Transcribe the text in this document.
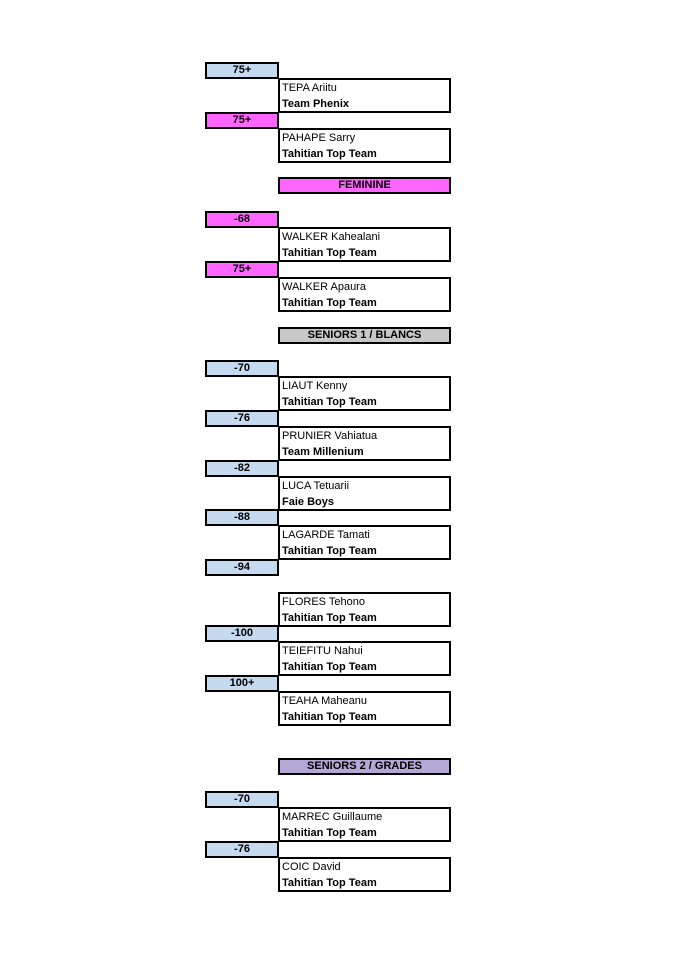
75+
TEPA Ariitu
Team Phenix
75+
PAHAPE Sarry
Tahitian Top Team
FEMININE
-68
WALKER Kahealani
Tahitian Top Team
75+
WALKER Apaura
Tahitian Top Team
SENIORS 1 / BLANCS
-70
LIAUT Kenny
Tahitian Top Team
-76
PRUNIER Vahiatua
Team Millenium
-82
LUCA Tetuarii
Faie Boys
-88
LAGARDE Tamati
Tahitian Top Team
-94
FLORES Tehono
Tahitian Top Team
-100
TEIEFITU Nahui
Tahitian Top Team
100+
TEAHA Maheanu
Tahitian Top Team
SENIORS 2 / GRADES
-70
MARREC Guillaume
Tahitian Top Team
-76
COIC David
Tahitian Top Team
